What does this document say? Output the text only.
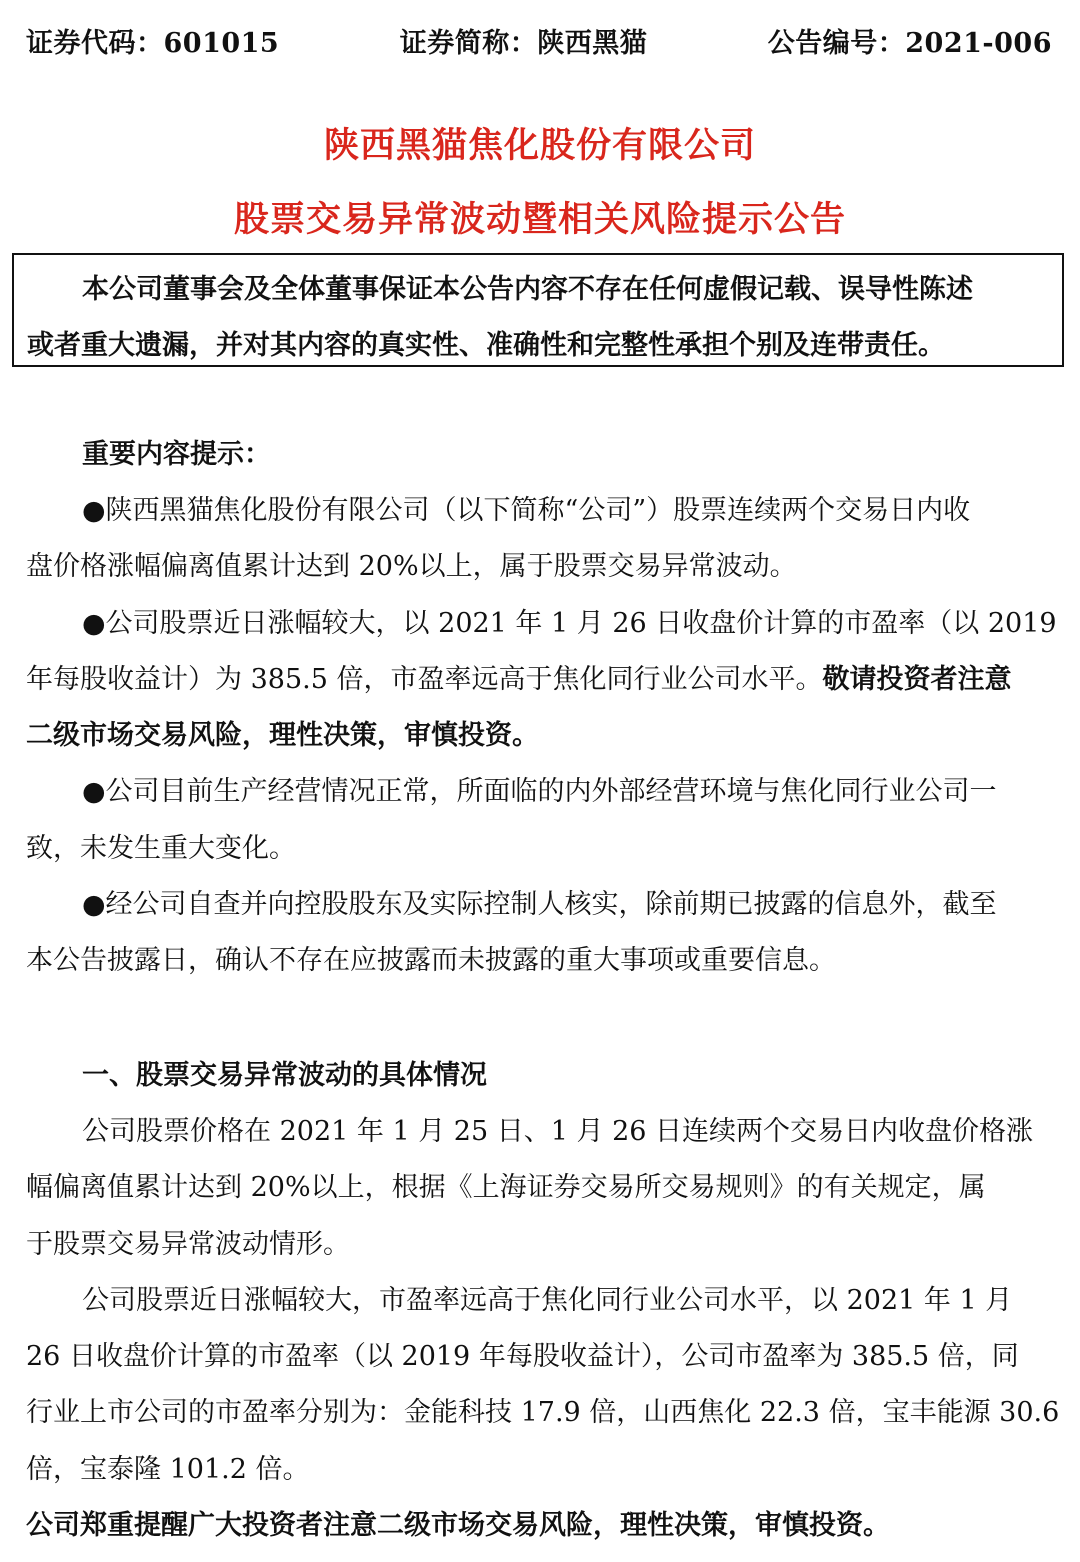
证券代码：601015	证券简称：陕西黑猫	公告编号：2021-006
陕西黑猫焦化股份有限公司
股票交易异常波动暨相关风险提示公告
本公司董事会及全体董事保证本公告内容不存在任何虚假记载、误导性陈述
或者重大遗漏，并对其内容的真实性、准确性和完整性承担个别及连带责任。
重要内容提示：
●陕西黑猫焦化股份有限公司（以下简称“公司”）股票连续两个交易日内收
盘价格涨幅偏离值累计达到 20%以上，属于股票交易异常波动。
●公司股票近日涨幅较大，以 2021 年 1 月 26 日收盘价计算的市盈率（以 2019
年每股收益计）为 385.5 倍，市盈率远高于焦化同行业公司水平。敬请投资者注意
二级市场交易风险，理性决策，审慎投资。
●公司目前生产经营情况正常，所面临的内外部经营环境与焦化同行业公司一
致，未发生重大变化。
●经公司自查并向控股股东及实际控制人核实，除前期已披露的信息外，截至
本公告披露日，确认不存在应披露而未披露的重大事项或重要信息。
一、股票交易异常波动的具体情况
公司股票价格在 2021 年 1 月 25 日、1 月 26 日连续两个交易日内收盘价格涨
幅偏离值累计达到 20%以上，根据《上海证券交易所交易规则》的有关规定，属
于股票交易异常波动情形。
公司股票近日涨幅较大，市盈率远高于焦化同行业公司水平，以 2021 年 1 月
26 日收盘价计算的市盈率（以 2019 年每股收益计），公司市盈率为 385.5 倍，同
行业上市公司的市盈率分别为：金能科技 17.9 倍，山西焦化 22.3 倍，宝丰能源 30.6
倍，宝泰隆 101.2 倍。
公司郑重提醒广大投资者注意二级市场交易风险，理性决策，审慎投资。
